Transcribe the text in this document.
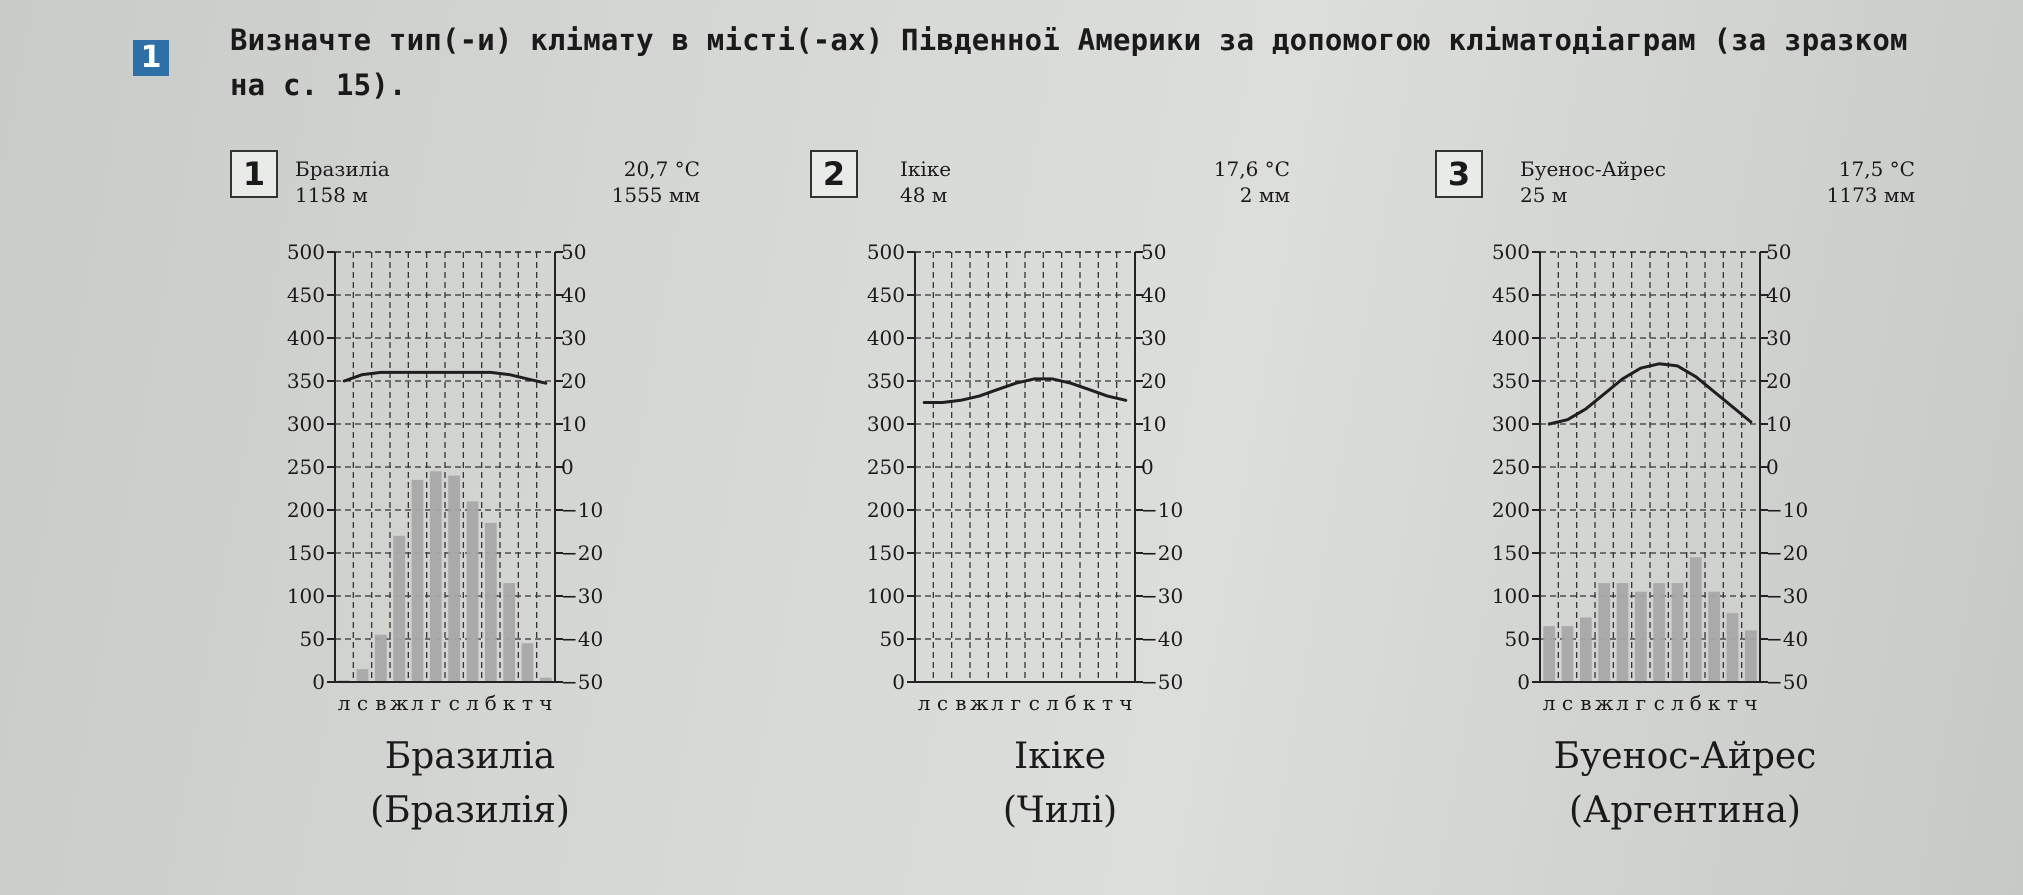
1 Визначте тип(-и) клімату в місті(-ах) Південної Америки за допомогою кліматодіаграм (за зразком на с. 15).
1	Бразиліа
1158 м
20,7 °C
1555 мм
0	−50
50	−40
100	−30
150	−20
200	−10
250	0
300	10
350	20
400	30
450	40
500	50
л с в ж л г с л б к т ч
Бразиліа
(Бразилія)
2	Ікіке
48 м
17,6 °C
2 мм
0	−50
50	−40
100	−30
150	−20
200	−10
250	0
300	10
350	20
400	30
450	40
500	50
л с в ж л г с л б к т ч
Ікіке
(Чилі)
3	Буенос-Айрес
25 м
17,5 °C
1173 мм
0	−50
50	−40
100	−30
150	−20
200	−10
250	0
300	10
350	20
400	30
450	40
500	50
л с в ж л г с л б к т ч
Буенос-Айрес
(Аргентина)
